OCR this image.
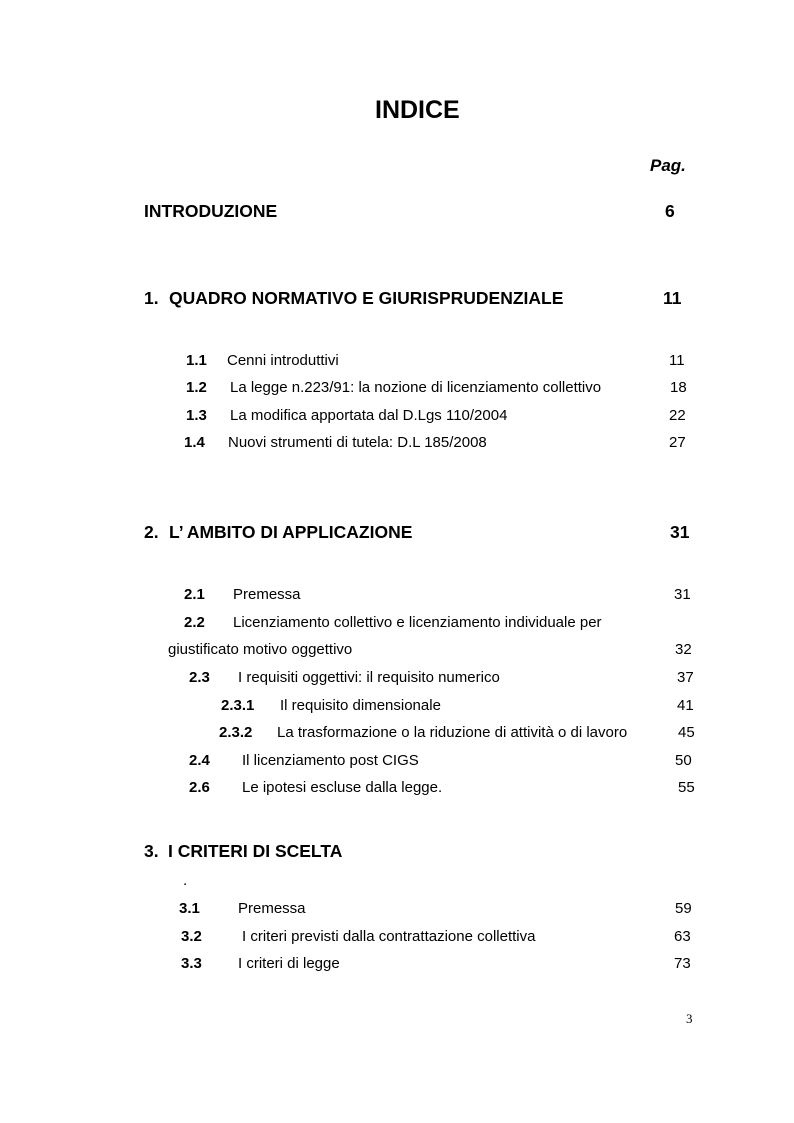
INDICE
Pag.
INTRODUZIONE	6
1. QUADRO NORMATIVO E GIURISPRUDENZIALE	11
1.1 Cenni introduttivi	11
1.2 La legge n.223/91: la nozione di licenziamento collettivo	18
1.3 La modifica apportata dal D.Lgs 110/2004	22
1.4 Nuovi strumenti di tutela: D.L 185/2008	27
2. L’ AMBITO DI APPLICAZIONE	31
2.1 Premessa	31
2.2 Licenziamento collettivo e licenziamento individuale per
giustificato motivo oggettivo	32
2.3 I requisiti oggettivi: il requisito numerico	37
2.3.1 Il requisito dimensionale	41
2.3.2 La trasformazione o la riduzione di attività o di lavoro	45
2.4 Il licenziamento post CIGS	50
2.6 Le ipotesi escluse dalla legge.	55
3. I CRITERI DI SCELTA
.
3.1	Premessa	59
3.2	I criteri previsti dalla contrattazione collettiva	63
3.3 I criteri di legge	73
3
